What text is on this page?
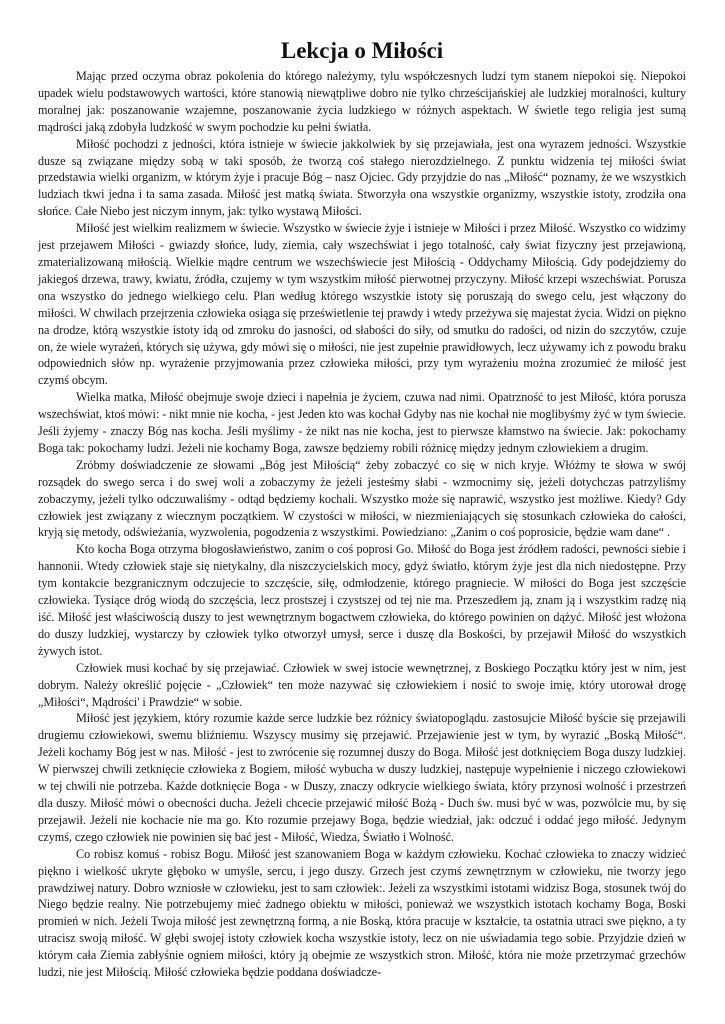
Lekcja o Miłości

Mając przed oczyma obraz pokolenia do którego należymy, tylu współczesnych ludzi tym stanem niepokoi się. Niepokoi upadek wielu podstawowych wartości, które stanowią niewątpliwe dobro nie tylko chrześcijańskiej ale ludzkiej moralności, kultury moralnej jak: poszanowanie wzajemne, poszanowanie życia ludzkiego w różnych aspektach. W świetle tego religia jest sumą mądrości jaką zdobyła ludzkość w swym pochodzie ku pełni światła.

Miłość pochodzi z jedności, która istnieje w świecie jakkolwiek by się przejawiała, jest ona wyrazem jedności. Wszystkie dusze są związane między sobą w taki sposób, że tworzą coś stałego nierozdzielnego. Z punktu widzenia tej miłości świat przedstawia wielki organizm, w którym żyje i pracuje Bóg – nasz Ojciec. Gdy przyjdzie do nas „Miłość“ poznamy, że we wszystkich ludziach tkwi jedna i ta sama zasada. Miłość jest matką świata. Stworzyła ona wszystkie organizmy, wszystkie istoty, zrodziła ona słońce. Całe Niebo jest niczym innym, jak: tylko wystawą Miłości.

Miłość jest wielkim realizmem w świecie. Wszystko w świecie żyje i istnieje w Miłości i przez Miłość. Wszystko co widzimy jest przejawem Miłości - gwiazdy słońce, ludy, ziemia, cały wszechświat i jego totalność, cały świat fizyczny jest przejawioną, zmaterializowaną miłością. Wielkie mądre centrum we wszechświecie jest Miłością - Oddychamy Miłością. Gdy podejdziemy do jakiegoś drzewa, trawy, kwiatu, źródła, czujemy w tym wszystkim miłość pierwotnej przyczyny. Miłość krzepi wszechświat. Porusza ona wszystko do jednego wielkiego celu. Plan według którego wszystkie istoty się poruszają do swego celu, jest włączony do miłości. W chwilach przejrzenia człowieka osiąga się prześwietlenie tej prawdy i wtedy przeżywa się majestat życia. Widzi on piękno na drodze, którą wszystkie istoty idą od zmroku do jasności, od słabości do siły, od smutku do radości, od nizin do szczytów, czuje on, że wiele wyrażeń, których się używa, gdy mówi się o miłości, nie jest zupełnie prawidłowych, lecz używamy ich z powodu braku odpowiednich słów np. wyrażenie przyjmowania przez człowieka miłości, przy tym wyrażeniu można zrozumieć że miłość jest czymś obcym.

Wielka matka, Miłość obejmuje swoje dzieci i napełnia je życiem, czuwa nad nimi. Opatrzność to jest Miłość, która porusza wszechświat, ktoś mówi: - nikt mnie nie kocha, - jest Jeden kto was kochał Gdyby nas nie kochał nie moglibyśmy żyć w tym świecie. Jeśli żyjemy - znaczy Bóg nas kocha. Jeśli myślimy - że nikt nas nie kocha, jest to pierwsze kłamstwo na świecie. Jak: pokochamy Boga tak: pokochamy ludzi. Jeżeli nie kochamy Boga, zawsze będziemy robili różnicę między jednym człowiekiem a drugim.

Zróbmy doświadczenie ze słowami „Bóg jest Miłością“ żeby zobaczyć co się w nich kryje. Włóżmy te słowa w swój rozsądek do swego serca i do swej woli a zobaczymy że jeżeli jesteśmy słabi - wzmocnimy się, jeżeli dotychczas patrzyliśmy zobaczymy, jeżeli tylko odczuwaliśmy - odtąd będziemy kochali. Wszystko może się naprawić, wszystko jest możliwe. Kiedy? Gdy człowiek jest związany z wiecznym początkiem. W czystości w miłości, w niezmieniających się stosunkach człowieka do całości, kryją się metody, odświeżania, wyzwolenia, pogodzenia z wszystkimi. Powiedziano: „Zanim o coś poprosicie, będzie wam dane“ .

Kto kocha Boga otrzyma błogosławieństwo, zanim o coś poprosi Go. Miłość do Boga jest źródłem radości, pewności siebie i hannonii. Wtedy człowiek staje się nietykalny, dla niszczycielskich mocy, gdyż światło, którym żyje jest dla nich niedostępne. Przy tym kontakcie bezgranicznym odczujecie to szczęście, siłę, odmłodzenie, którego pragniecie. W miłości do Boga jest szczęście człowieka. Tysiące dróg wiodą do szczęścia, lecz prostszej i czystszej od tej nie ma. Przeszedłem ją, znam ją i wszystkim radzę nią iść. Miłość jest właściwością duszy to jest wewnętrznym bogactwem człowieka, do którego powinien on dążyć. Miłość jest włożona do duszy ludzkiej, wystarczy by człowiek tylko otworzył umysł, serce i duszę dla Boskości, by przejawił Miłość do wszystkich żywych istot.

Człowiek musi kochać by się przejawiać. Człowiek w swej istocie wewnętrznej, z Boskiego Początku który jest w nim, jest dobrym. Należy określić pojęcie - „Człowiek“ ten może nazywać się człowiekiem i nosić to swoje imię, który utorował drogę „Miłości“, Mądrości' i Prawdzie“ w sobie.

Miłość jest językiem, który rozumie każde serce ludzkie bez różnicy światopoglądu. zastosujcie Miłość byście się przejawili drugiemu człowiekowi, swemu bliźniemu. Wszyscy musimy się przejawić. Przejawienie jest w tym, by wyrazić „Boską Miłość“. Jeżeli kochamy Bóg jest w nas. Miłość - jest to zwrócenie się rozumnej duszy do Boga. Miłość jest dotknięciem Boga duszy ludzkiej. W pierwszej chwili zetknięcie człowieka z Bogiem, miłość wybucha w duszy ludzkiej, następuje wypełnienie i niczego człowiekowi w tej chwili nie potrzeba. Każde dotknięcie Boga - w Duszy, znaczy odkrycie wielkiego świata, który przynosi wolność i przestrzeń dla duszy. Miłość mówi o obecności ducha. Jeżeli chcecie przejawić miłość Bożą - Duch św. musi być w was, pozwólcie mu, by się przejawił. Jeżeli nie kochacie nie ma go. Kto rozumie przejawy Boga, będzie wiedział, jak: odczuć i oddać jego miłość. Jedynym czymś, czego człowiek nie powinien się bać jest - Miłość, Wiedza, Światło i Wolność.

Co robisz komuś - robisz Bogu. Miłość jest szanowaniem Boga w każdym człowieku. Kochać człowieka to znaczy widzieć piękno i wielkość ukryte głęboko w umyśle, sercu, i jego duszy. Grzech jest czymś zewnętrznym w człowieku, nie tworzy jego prawdziwej natury. Dobro wzniosłe w człowieku, jest to sam człowiek:. Jeżeli za wszystkimi istotami widzisz Boga, stosunek twój do Niego będzie realny. Nie potrzebujemy mieć żadnego obiektu w miłości, ponieważ we wszystkich istotach kochamy Boga, Boski promień w nich. Jeżeli Twoja miłość jest zewnętrzną formą, a nie Boską, która pracuje w kształcie, ta ostatnia utraci swe piękno, a ty utracisz swoją miłość. W głębi swojej istoty człowiek kocha wszystkie istoty, lecz on nie uświadamia tego sobie. Przyjdzie dzień w którym cała Ziemia zabłyśnie ogniem miłości, który ją obejmie ze wszystkich stron. Miłość, która nie może przetrzymać grzechów ludzi, nie jest Miłością. Miłość człowieka będzie poddana doświadcze-
